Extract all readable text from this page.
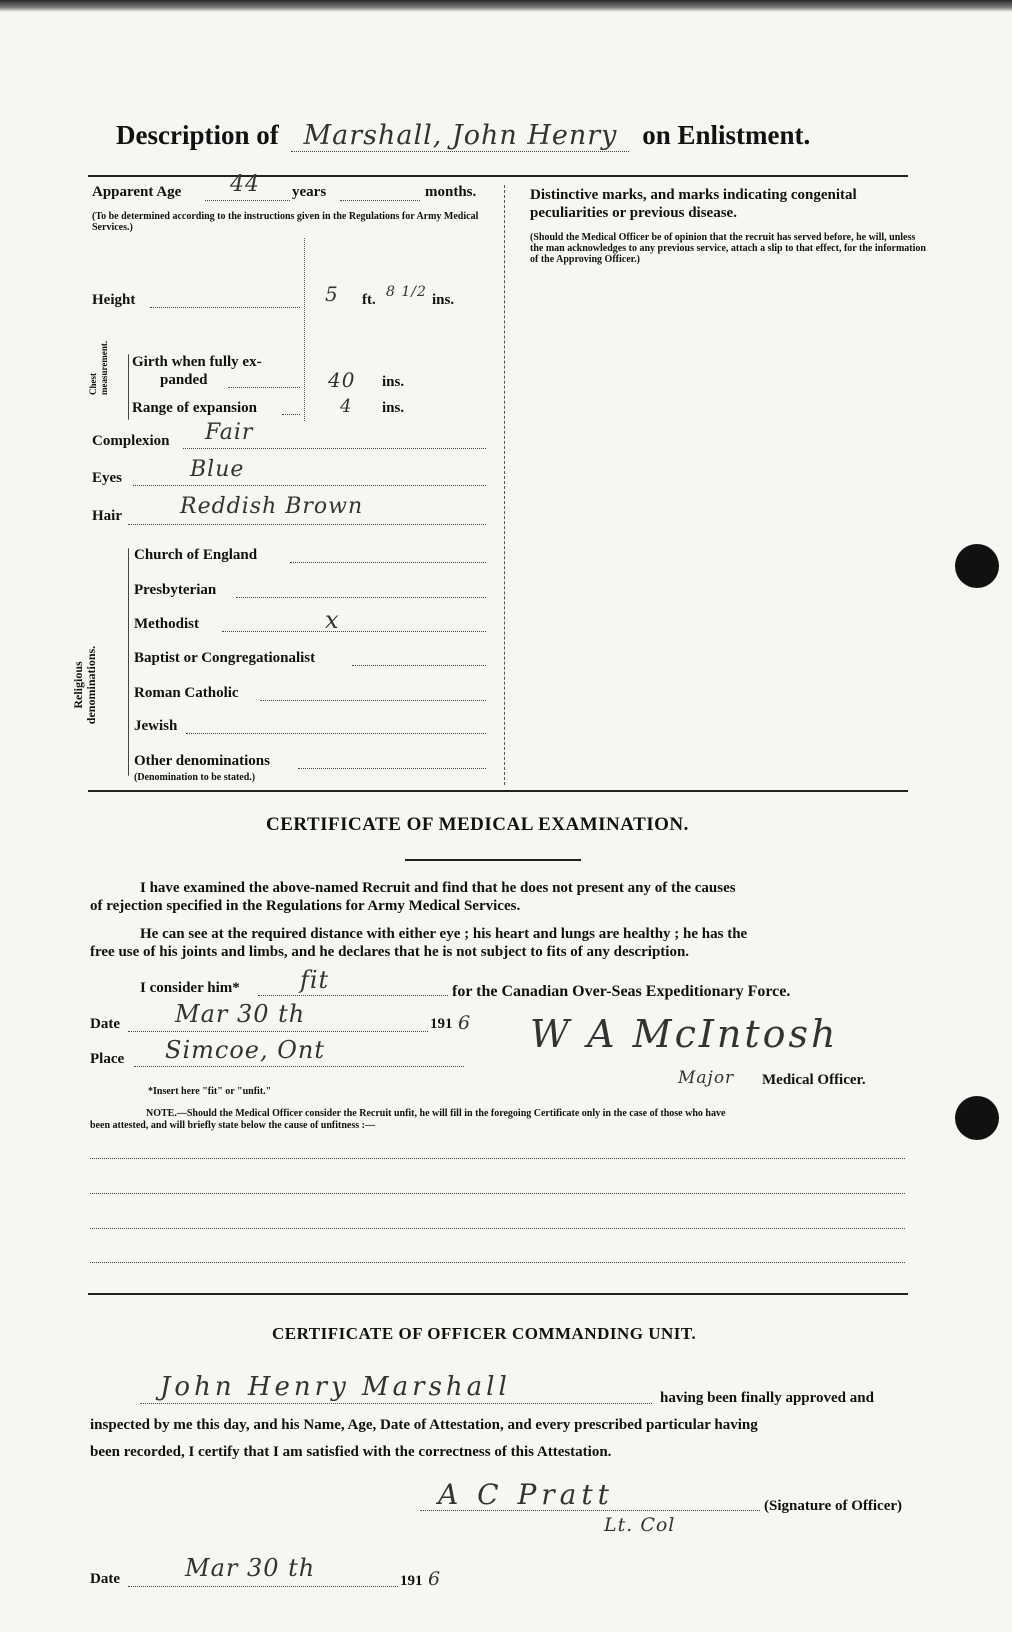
Description of Marshall, John Henry on Enlistment.
Apparent Age 44 years	months.
(To be determined according to the instructions given in the Regulations for Army Medical Services.)
Height	5 ft. 8 1/2 ins.
Chest measurement. Girth when fully ex-
panded	40 ins.
Range of expansion	4 ins.
Complexion Fair
Eyes	Blue
Hair	Reddish Brown
Religious denominations.
Church of England
Presbyterian
Methodist	x
Baptist or Congregationalist
Roman Catholic
Jewish
Other denominations
(Denomination to be stated.)
Distinctive marks, and marks indicating congenital peculiarities or previous disease.
(Should the Medical Officer be of opinion that the recruit has served before, he will, unless the man acknowledges to any previous service, attach a slip to that effect, for the information of the Approving Officer.)
CERTIFICATE OF MEDICAL EXAMINATION.
I have examined the above-named Recruit and find that he does not present any of the causes
of rejection specified in the Regulations for Army Medical Services.
He can see at the required distance with either eye ; his heart and lungs are healthy ; he has the
free use of his joints and limbs, and he declares that he is not subject to fits of any description.
I consider him*	fit	for the Canadian Over-Seas Expeditionary Force.
Date Mar 30 th	191 6
Place Simcoe, Ont	W A McIntosh
Major Medical Officer.
*Insert here "fit" or "unfit."
NOTE.—Should the Medical Officer consider the Recruit unfit, he will fill in the foregoing Certificate only in the case of those who have
been attested, and will briefly state below the cause of unfitness :—
CERTIFICATE OF OFFICER COMMANDING UNIT.
John Henry Marshall	having been finally approved and
inspected by me this day, and his Name, Age, Date of Attestation, and every prescribed particular having
been recorded, I certify that I am satisfied with the correctness of this Attestation.
A C Pratt	(Signature of Officer)
Lt. Col
Date	Mar 30 th	191 6
